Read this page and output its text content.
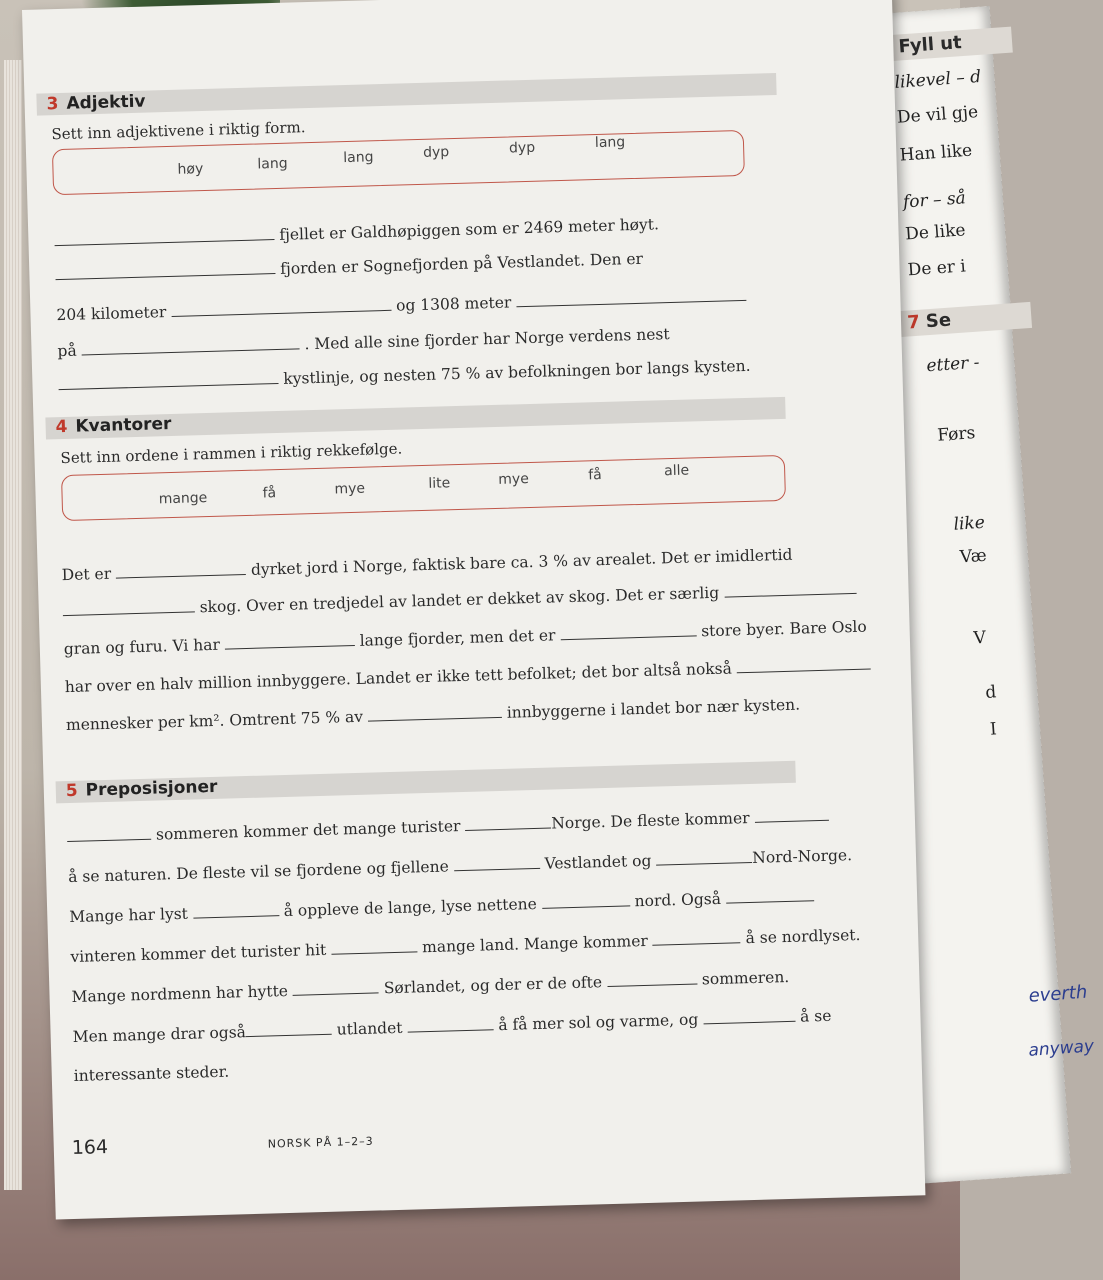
Fyll ut
likevel – d
De vil gje
Han like
for – så
De like
De er i
7 Se
etter -
Førs
like
Væ
V
d
I
everth
anyway
3 Adjektiv
Sett inn adjektivene i riktig form.
høy	lang	lang	dyp	dyp	lang
fjellet er Galdhøpiggen som er 2469 meter høyt.
fjorden er Sognefjorden på Vestlandet. Den er
204 kilometer	og 1308 meter
på	. Med alle sine fjorder har Norge verdens nest
kystlinje, og nesten 75 % av befolkningen bor langs kysten.
4 Kvantorer
Sett inn ordene i rammen i riktig rekkefølge.
mange	få	mye	lite	mye	få	alle
Det er	dyrket jord i Norge, faktisk bare ca. 3 % av arealet. Det er imidlertid
skog. Over en tredjedel av landet er dekket av skog. Det er særlig
gran og furu. Vi har	lange fjorder, men det er	store byer. Bare Oslo
har over en halv million innbyggere. Landet er ikke tett befolket; det bor altså nokså
mennesker per km². Omtrent 75 % av	innbyggerne i landet bor nær kysten.
5 Preposisjoner
sommeren kommer det mange turister	Norge. De fleste kommer
å se naturen. De fleste vil se fjordene og fjellene	Vestlandet og	Nord-Norge.
Mange har lyst	å oppleve de lange, lyse nettene	nord. Også
vinteren kommer det turister hit	mange land. Mange kommer	å se nordlyset.
Mange nordmenn har hytte	Sørlandet, og der er de ofte	sommeren.
Men mange drar også	utlandet	å få mer sol og varme, og	å se
interessante steder.
164	NORSK PÅ 1–2–3
